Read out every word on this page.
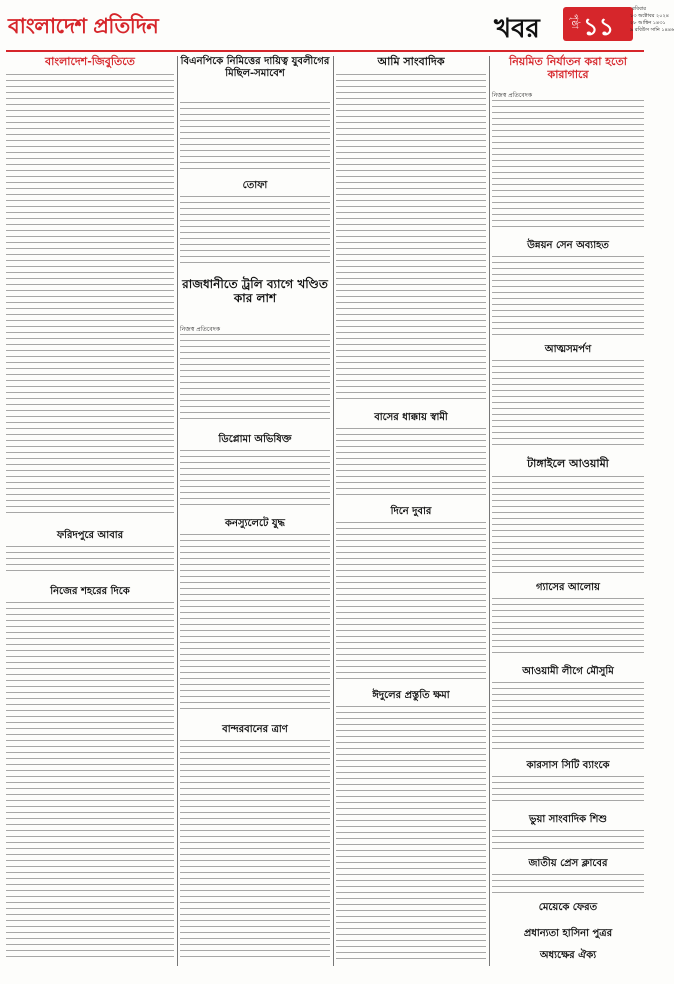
বাংলাদেশ প্রতিদিন	খবর	পৃষ্ঠা ১১
রবিবার
১৩ অক্টোবর ২০২৪
২৮ আশ্বিন ১৪৩১
৯ রবিউস সানি ১৪৪৬
বাংলাদেশ-জিবুতিতে
ফরিদপুরে আবার
নিজের শহরের দিকে
বিএনপিকে নিমিত্তের দায়িত্ব যুবলীগের মিছিল-সমাবেশ
তোফা
রাজধানীতে ট্রলি ব্যাগে খণ্ডিত কার লাশ
নিজস্ব প্রতিবেদক
ডিপ্লোমা অভিষিক্ত
কনস্যুলেটে যুদ্ধ
বান্দরবানের ত্রাণ
আমি সাংবাদিক
বাসের ধাক্কায় স্বামী
দিনে দুবার
ঈদুলের প্রস্তুতি ক্ষমা
নিয়মিত নির্যাতন করা হতো কারাগারে
নিজস্ব প্রতিবেদক
উন্নয়ন সেন অব্যাহত
আত্মসমর্পণ
টাঙ্গাইলে আওয়ামী
গ্যাসের আলোয়
আওয়ামী লীগে মৌসুমি
কারসাস সিটি ব্যাংকে
ভুয়া সাংবাদিক শিশু
জাতীয় প্রেস ক্লাবের
মেয়েকে ফেরত
প্রধান্যতা হাসিনা পুত্রর
অধ্যক্ষের ঐক্য
